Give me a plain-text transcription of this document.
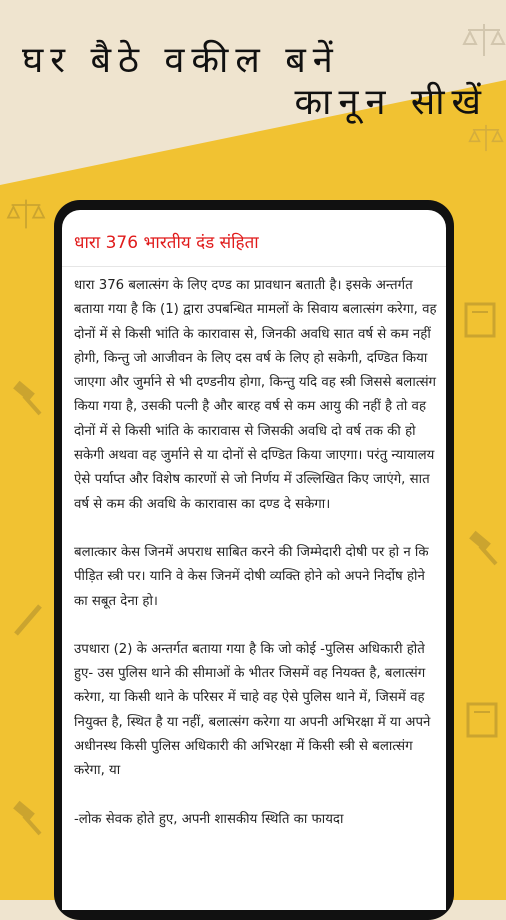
घर बैठे वकील बनें
कानून सीखें
धारा 376 भारतीय दंड संहिता

धारा 376 बलात्संग के लिए दण्ड का प्रावधान बताती है। इसके अन्तर्गत बताया गया है कि (1) द्वारा उपबन्धित मामलों के सिवाय बलात्संग करेगा, वह दोनों में से किसी भांति के कारावास से, जिनकी अवधि सात वर्ष से कम नहीं होगी, किन्तु जो आजीवन के लिए दस वर्ष के लिए हो सकेगी, दण्डित किया जाएगा और जुर्माने से भी दण्डनीय होगा, किन्तु यदि वह स्त्री जिससे बलात्संग किया गया है, उसकी पत्नी है और बारह वर्ष से कम आयु की नहीं है तो वह दोनों में से किसी भांति के कारावास से जिसकी अवधि दो वर्ष तक की हो सकेगी अथवा वह जुर्माने से या दोनों से दण्डित किया जाएगा। परंतु न्यायालय ऐसे पर्याप्त और विशेष कारणों से जो निर्णय में उल्लिखित किए जाएंगे, सात वर्ष से कम की अवधि के कारावास का दण्ड दे सकेगा।

बलात्कार केस जिनमें अपराध साबित करने की जिम्मेदारी दोषी पर हो न कि पीड़ित स्त्री पर। यानि वे केस जिनमें दोषी व्यक्ति होने को अपने निर्दोष होने का सबूत देना हो।

उपधारा (2) के अन्तर्गत बताया गया है कि जो कोई -पुलिस अधिकारी होते हुए- उस पुलिस थाने की सीमाओं के भीतर जिसमें वह नियक्त है, बलात्संग करेगा, या किसी थाने के परिसर में चाहे वह ऐसे पुलिस थाने में, जिसमें वह नियुक्त है, स्थित है या नहीं, बलात्संग करेगा या अपनी अभिरक्षा में या अपने अधीनस्थ किसी पुलिस अधिकारी की अभिरक्षा में किसी स्त्री से बलात्संग करेगा, या

-लोक सेवक होते हुए, अपनी शासकीय स्थिति का फायदा
